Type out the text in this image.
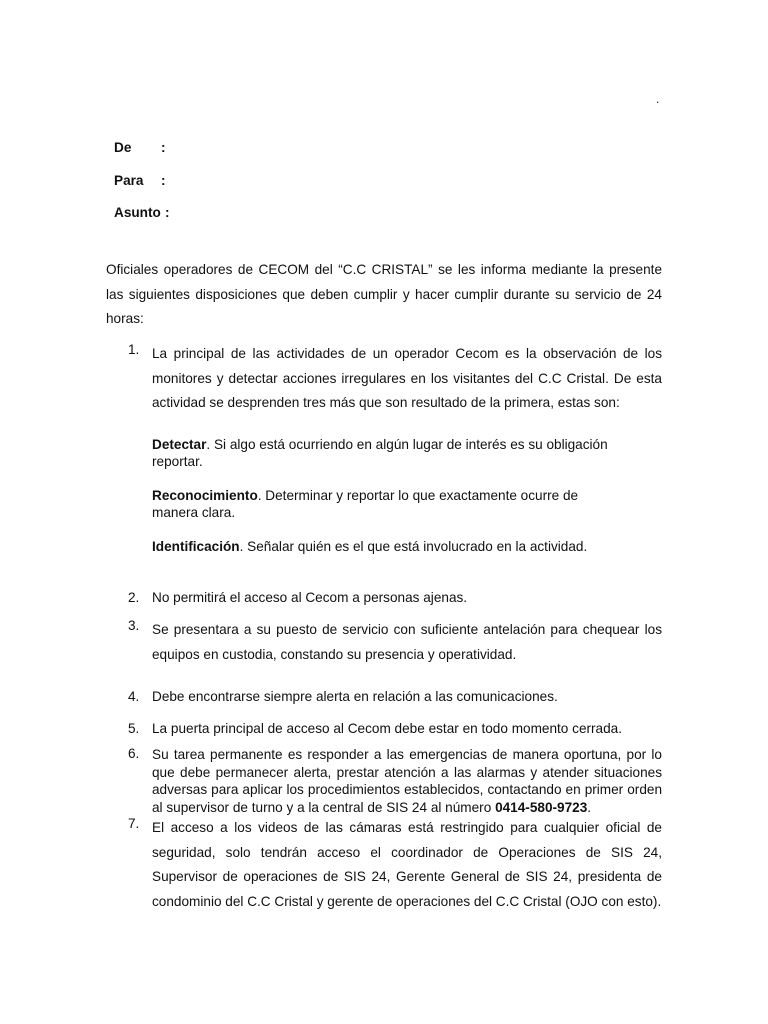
.
De :
Para :
Asunto :
Oficiales operadores de CECOM del “C.C CRISTAL” se les informa mediante la presente las siguientes disposiciones que deben cumplir y hacer cumplir durante su servicio de 24 horas:
1. La principal de las actividades de un operador Cecom es la observación de los monitores y detectar acciones irregulares en los visitantes del C.C Cristal. De esta actividad se desprenden tres más que son resultado de la primera, estas son:
Detectar. Si algo está ocurriendo en algún lugar de interés es su obligación reportar.
Reconocimiento. Determinar y reportar lo que exactamente ocurre de manera clara.
Identificación. Señalar quién es el que está involucrado en la actividad.
2. No permitirá el acceso al Cecom a personas ajenas.
3. Se presentara a su puesto de servicio con suficiente antelación para chequear los equipos en custodia, constando su presencia y operatividad.
4. Debe encontrarse siempre alerta en relación a las comunicaciones.
5. La puerta principal de acceso al Cecom debe estar en todo momento cerrada.
6. Su tarea permanente es responder a las emergencias de manera oportuna, por lo que debe permanecer alerta, prestar atención a las alarmas y atender situaciones adversas para aplicar los procedimientos establecidos, contactando en primer orden al supervisor de turno y a la central de SIS 24 al número 0414-580-9723.
7. El acceso a los videos de las cámaras está restringido para cualquier oficial de seguridad, solo tendrán acceso el coordinador de Operaciones de SIS 24, Supervisor de operaciones de SIS 24, Gerente General de SIS 24, presidenta de condominio del C.C Cristal y gerente de operaciones del C.C Cristal (OJO con esto).
